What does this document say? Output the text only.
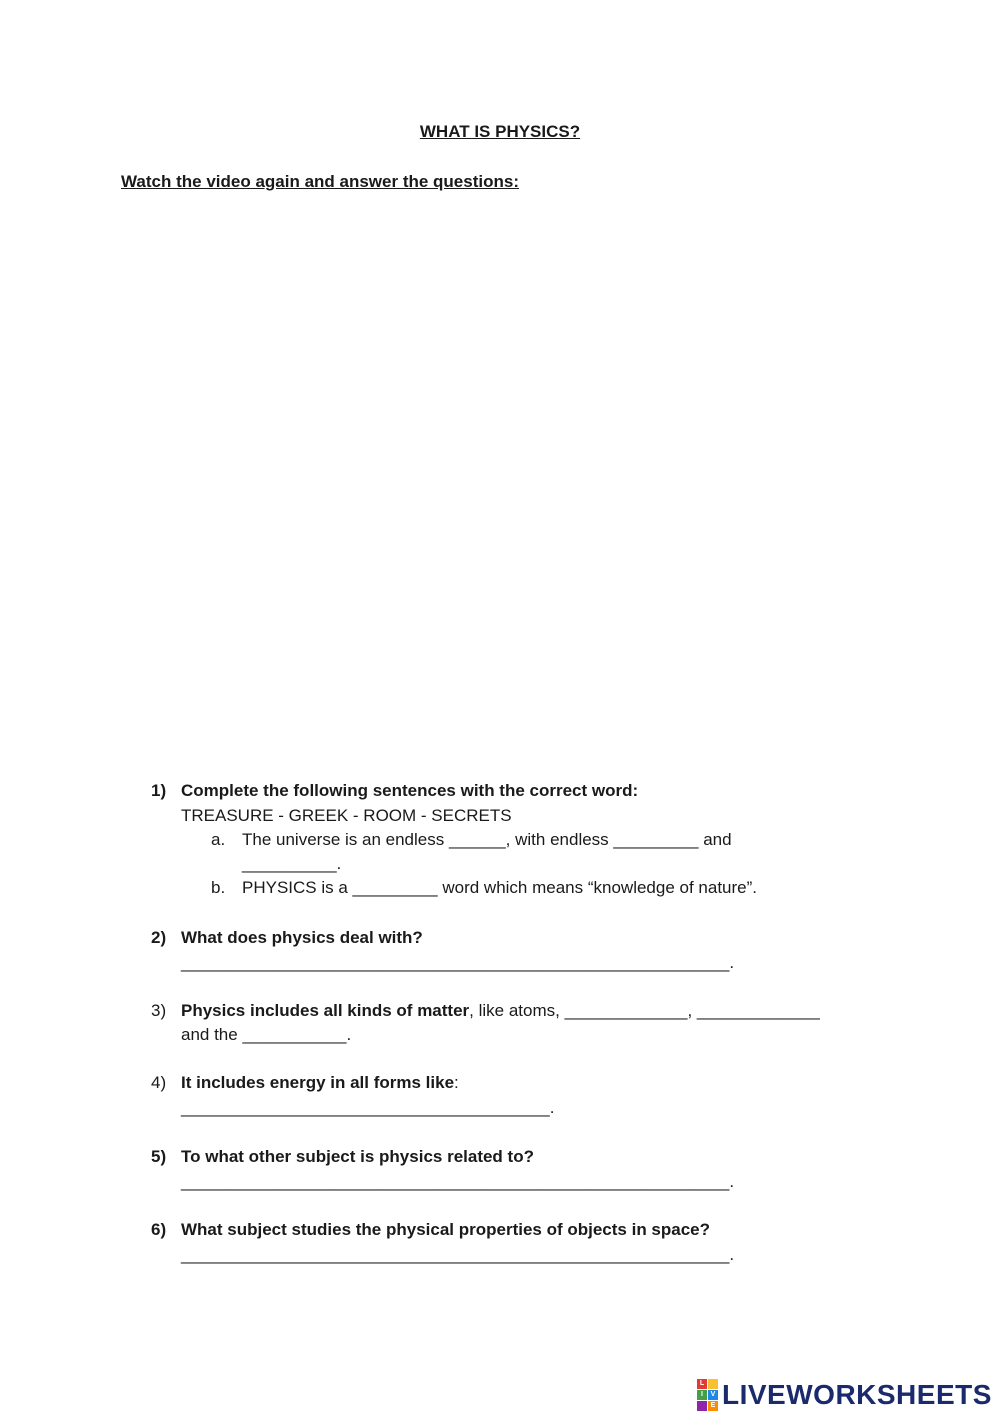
WHAT IS PHYSICS?
Watch the video again and answer the questions:
1) Complete the following sentences with the correct word:
TREASURE - GREEK - ROOM - SECRETS
a. The universe is an endless ______, with endless _________ and
__________.
b. PHYSICS is a _________ word which means “knowledge of nature”.
2) What does physics deal with?
__________________________________________________________.
3) Physics includes all kinds of matter, like atoms, _____________, _____________
and the ___________.
4) It includes energy in all forms like:
_______________________________________.
5) To what other subject is physics related to?
__________________________________________________________.
6) What subject studies the physical properties of objects in space?
__________________________________________________________.
L
I	V
E LIVEWORKSHEETS
